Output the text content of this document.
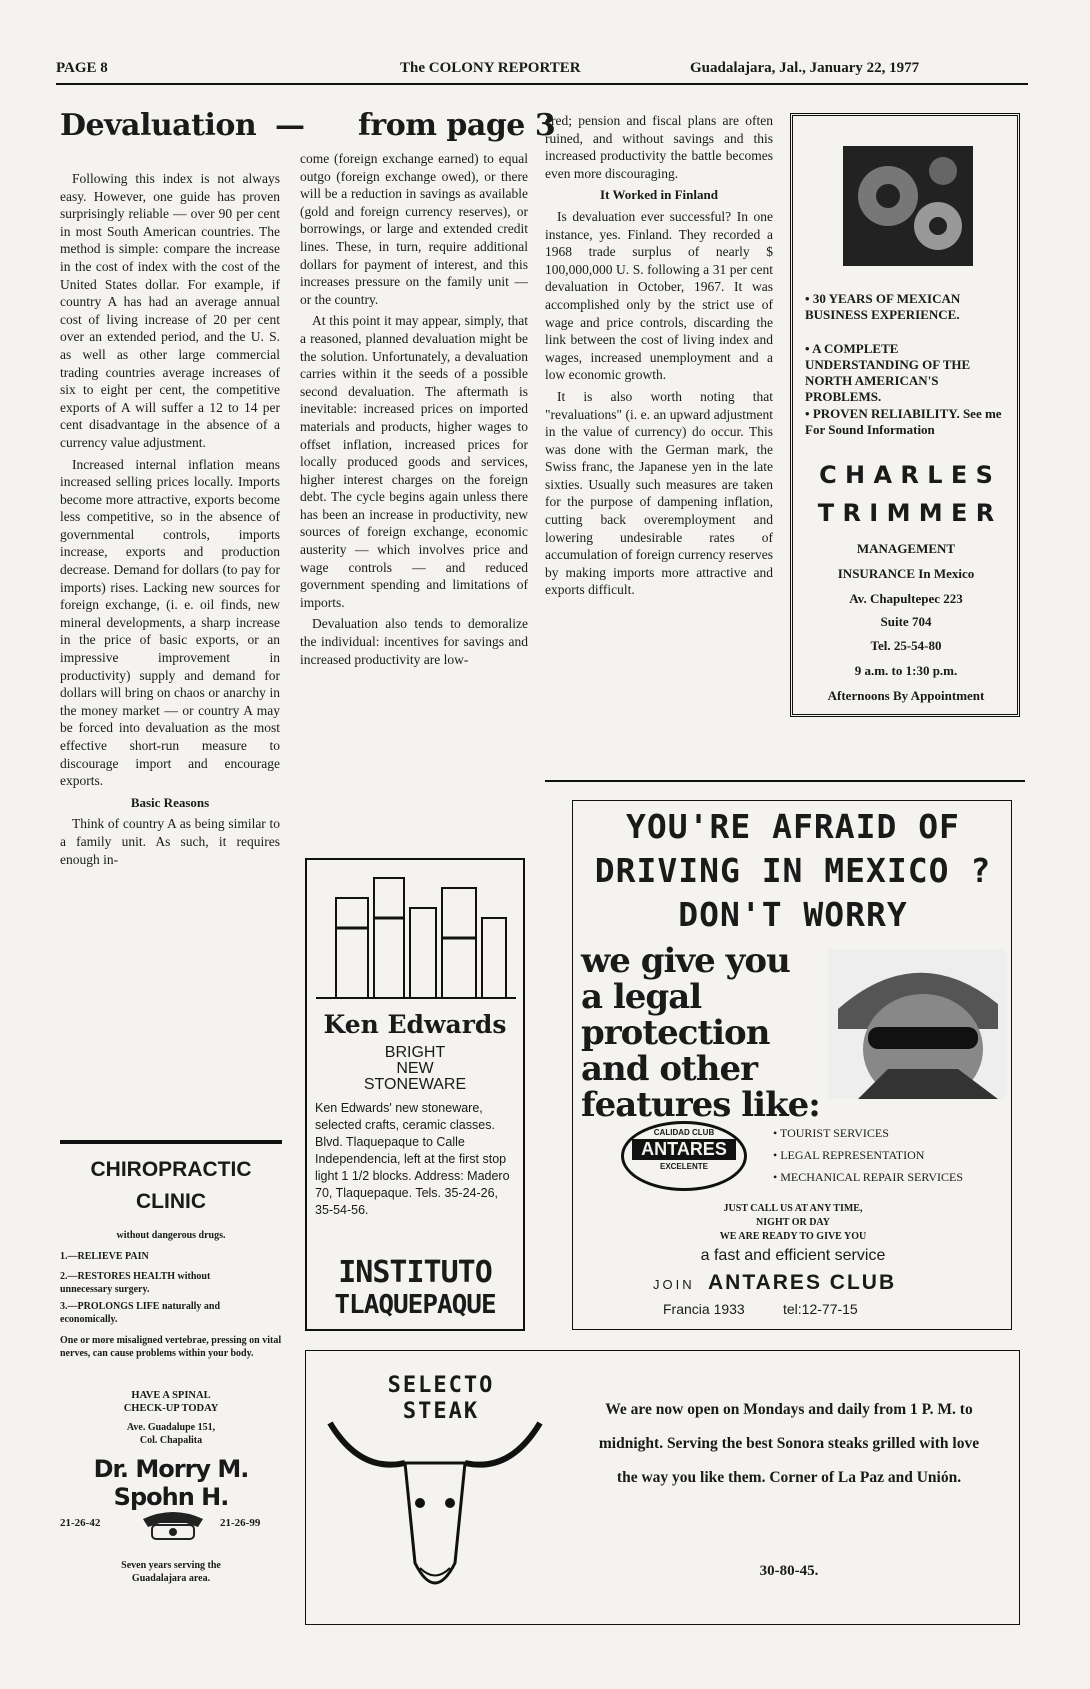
PAGE 8	The COLONY REPORTER	Guadalajara, Jal., January 22, 1977
Devaluation — from page 3

Following this index is not always easy. However, one guide has proven surprisingly reliable — over 90 per cent in most South American countries. The method is simple: compare the increase in the cost of index with the cost of the United States dollar. For example, if country A has had an average annual cost of living increase of 20 per cent over an extended period, and the U. S. as well as other large commercial trading countries average increases of six to eight per cent, the competitive exports of A will suffer a 12 to 14 per cent disadvantage in the absence of a currency value adjustment.

Increased internal inflation means increased selling prices locally. Imports become more attractive, exports become less competitive, so in the absence of governmental controls, imports increase, exports and production decrease. Demand for dollars (to pay for imports) rises. Lacking new sources for foreign exchange, (i. e. oil finds, new mineral developments, a sharp increase in the price of basic exports, or an impressive improvement in productivity) supply and demand for dollars will bring on chaos or anarchy in the money market — or country A may be forced into devaluation as the most effective short-run measure to discourage import and encourage exports.

Basic Reasons

Think of country A as being similar to a family unit. As such, it requires enough in-

come (foreign exchange earned) to equal outgo (foreign exchange owed), or there will be a reduction in savings as available (gold and foreign currency reserves), or borrowings, or large and extended credit lines. These, in turn, require additional dollars for payment of interest, and this increases pressure on the family unit — or the country.

At this point it may appear, simply, that a reasoned, planned devaluation might be the solution. Unfortunately, a devaluation carries within it the seeds of a possible second devaluation. The aftermath is inevitable: increased prices on imported materials and products, higher wages to offset inflation, increased prices for locally produced goods and services, higher interest charges on the foreign debt. The cycle begins again unless there has been an increase in productivity, new sources of foreign exchange, economic austerity — which involves price and wage controls — and reduced government spending and limitations of imports.

Devaluation also tends to demoralize the individual: incentives for savings and increased productivity are low-

ered; pension and fiscal plans are often ruined, and without savings and this increased productivity the battle becomes even more discouraging.

It Worked in Finland

Is devaluation ever successful? In one instance, yes. Finland. They recorded a 1968 trade surplus of nearly $ 100,000,000 U. S. following a 31 per cent devaluation in October, 1967. It was accomplished only by the strict use of wage and price controls, discarding the link between the cost of living index and wages, increased unemployment and a low economic growth.

It is also worth noting that "revaluations" (i. e. an upward adjustment in the value of currency) do occur. This was done with the German mark, the Swiss franc, the Japanese yen in the late sixties. Usually such measures are taken for the purpose of dampening inflation, cutting back overemployment and lowering undesirable rates of accumulation of foreign currency reserves by making imports more attractive and exports difficult.

• 30 YEARS OF MEXICAN BUSINESS EXPERIENCE.
• A COMPLETE UNDERSTANDING OF THE NORTH AMERICAN'S PROBLEMS.
• PROVEN RELIABILITY. See me For Sound Information
C H A R L E S
T R I M M E R
MANAGEMENT
INSURANCE In Mexico
Av. Chapultepec 223
Suite 704
Tel. 25-54-80
9 a.m. to 1:30 p.m.
Afternoons By Appointment
YOU'RE AFRAID OF
DRIVING IN MEXICO ?
DON'T WORRY
we give you a legal protection and other features like:
CALIDAD CLUB
ANTARES
EXCELENTE
• TOURIST SERVICES
• LEGAL REPRESENTATION
• MECHANICAL REPAIR SERVICES
JUST CALL US AT ANY TIME,
NIGHT OR DAY
WE ARE READY TO GIVE YOU
a fast and efficient service
JOIN ANTARES CLUB
Francia 1933	tel:12-77-15
Ken Edwards
BRIGHT
NEW
STONEWARE
Ken Edwards' new stoneware, selected crafts, ceramic classes. Blvd. Tlaquepaque to Calle Independencia, left at the first stop light 1 1/2 blocks. Address: Madero 70, Tlaquepaque. Tels. 35-24-26, 35-54-56.
INSTITUTO
TLAQUEPAQUE
CHIROPRACTIC
CLINIC
without dangerous drugs.
1.—RELIEVE PAIN
2.—RESTORES HEALTH without unnecessary surgery.
3.—PROLONGS LIFE naturally and economically.
One or more misaligned vertebrae, pressing on vital nerves, can cause problems within your body.
HAVE A SPINAL
CHECK-UP TODAY
Ave. Guadalupe 151,
Col. Chapalita
Dr. Morry M. Spohn H.
21-26-42	21-26-99
Seven years serving the
Guadalajara area.
SELECTO
STEAK	We are now open on Mondays and daily from 1 P. M. to midnight. Serving the best Sonora steaks grilled with love the way you like them. Corner of La Paz and Unión.
30-80-45.
